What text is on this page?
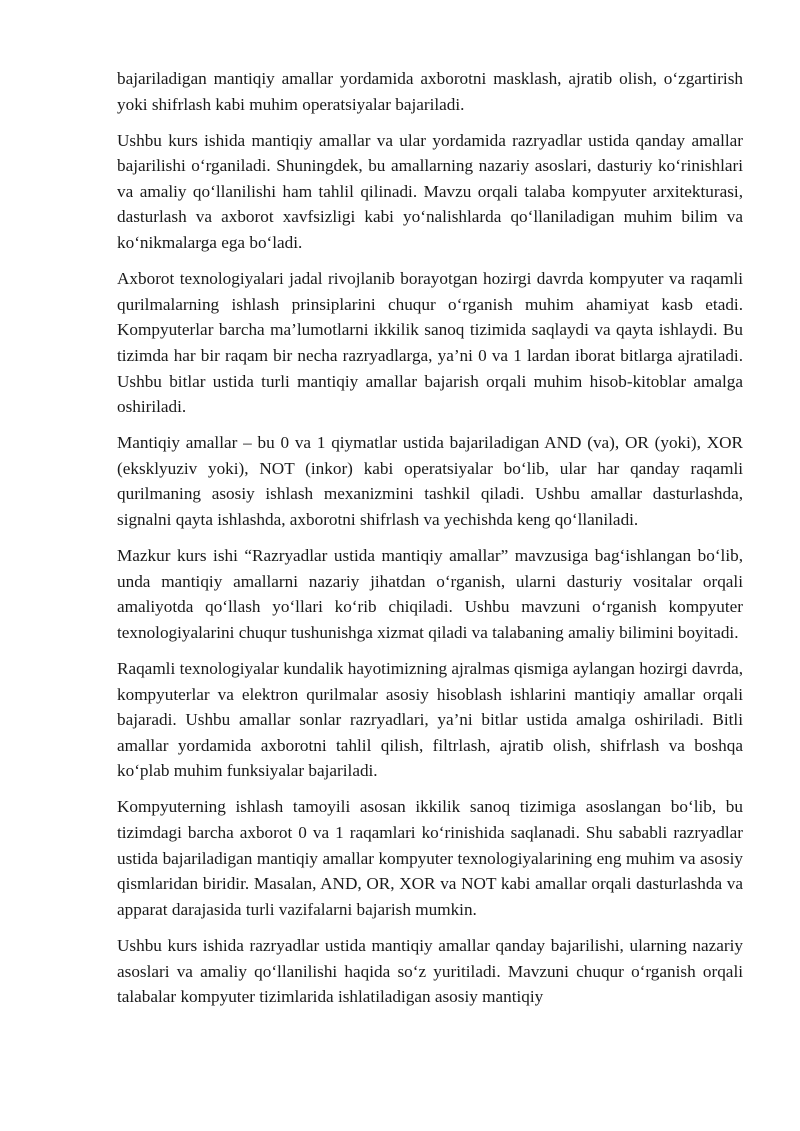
bajariladigan mantiqiy amallar yordamida axborotni masklash, ajratib olish, o‘zgartirish yoki shifrlash kabi muhim operatsiyalar bajariladi.

Ushbu kurs ishida mantiqiy amallar va ular yordamida razryadlar ustida qanday amallar bajarilishi o‘rganiladi. Shuningdek, bu amallarning nazariy asoslari, dasturiy ko‘rinishlari va amaliy qo‘llanilishi ham tahlil qilinadi. Mavzu orqali talaba kompyuter arxitekturasi, dasturlash va axborot xavfsizligi kabi yo‘nalishlarda qo‘llaniladigan muhim bilim va ko‘nikmalarga ega bo‘ladi.

Axborot texnologiyalari jadal rivojlanib borayotgan hozirgi davrda kompyuter va raqamli qurilmalarning ishlash prinsiplarini chuqur o‘rganish muhim ahamiyat kasb etadi. Kompyuterlar barcha ma’lumotlarni ikkilik sanoq tizimida saqlaydi va qayta ishlaydi. Bu tizimda har bir raqam bir necha razryadlarga, ya’ni 0 va 1 lardan iborat bitlarga ajratiladi. Ushbu bitlar ustida turli mantiqiy amallar bajarish orqali muhim hisob-kitoblar amalga oshiriladi.

Mantiqiy amallar – bu 0 va 1 qiymatlar ustida bajariladigan AND (va), OR (yoki), XOR (eksklyuziv yoki), NOT (inkor) kabi operatsiyalar bo‘lib, ular har qanday raqamli qurilmaning asosiy ishlash mexanizmini tashkil qiladi. Ushbu amallar dasturlashda, signalni qayta ishlashda, axborotni shifrlash va yechishda keng qo‘llaniladi.

Mazkur kurs ishi “Razryadlar ustida mantiqiy amallar” mavzusiga bag‘ishlangan bo‘lib, unda mantiqiy amallarni nazariy jihatdan o‘rganish, ularni dasturiy vositalar orqali amaliyotda qo‘llash yo‘llari ko‘rib chiqiladi. Ushbu mavzuni o‘rganish kompyuter texnologiyalarini chuqur tushunishga xizmat qiladi va talabaning amaliy bilimini boyitadi.

Raqamli texnologiyalar kundalik hayotimizning ajralmas qismiga aylangan hozirgi davrda, kompyuterlar va elektron qurilmalar asosiy hisoblash ishlarini mantiqiy amallar orqali bajaradi. Ushbu amallar sonlar razryadlari, ya’ni bitlar ustida amalga oshiriladi. Bitli amallar yordamida axborotni tahlil qilish, filtrlash, ajratib olish, shifrlash va boshqa ko‘plab muhim funksiyalar bajariladi.

Kompyuterning ishlash tamoyili asosan ikkilik sanoq tizimiga asoslangan bo‘lib, bu tizimdagi barcha axborot 0 va 1 raqamlari ko‘rinishida saqlanadi. Shu sababli razryadlar ustida bajariladigan mantiqiy amallar kompyuter texnologiyalarining eng muhim va asosiy qismlaridan biridir. Masalan, AND, OR, XOR va NOT kabi amallar orqali dasturlashda va apparat darajasida turli vazifalarni bajarish mumkin.

Ushbu kurs ishida razryadlar ustida mantiqiy amallar qanday bajarilishi, ularning nazariy asoslari va amaliy qo‘llanilishi haqida so‘z yuritiladi. Mavzuni chuqur o‘rganish orqali talabalar kompyuter tizimlarida ishlatiladigan asosiy mantiqiy
